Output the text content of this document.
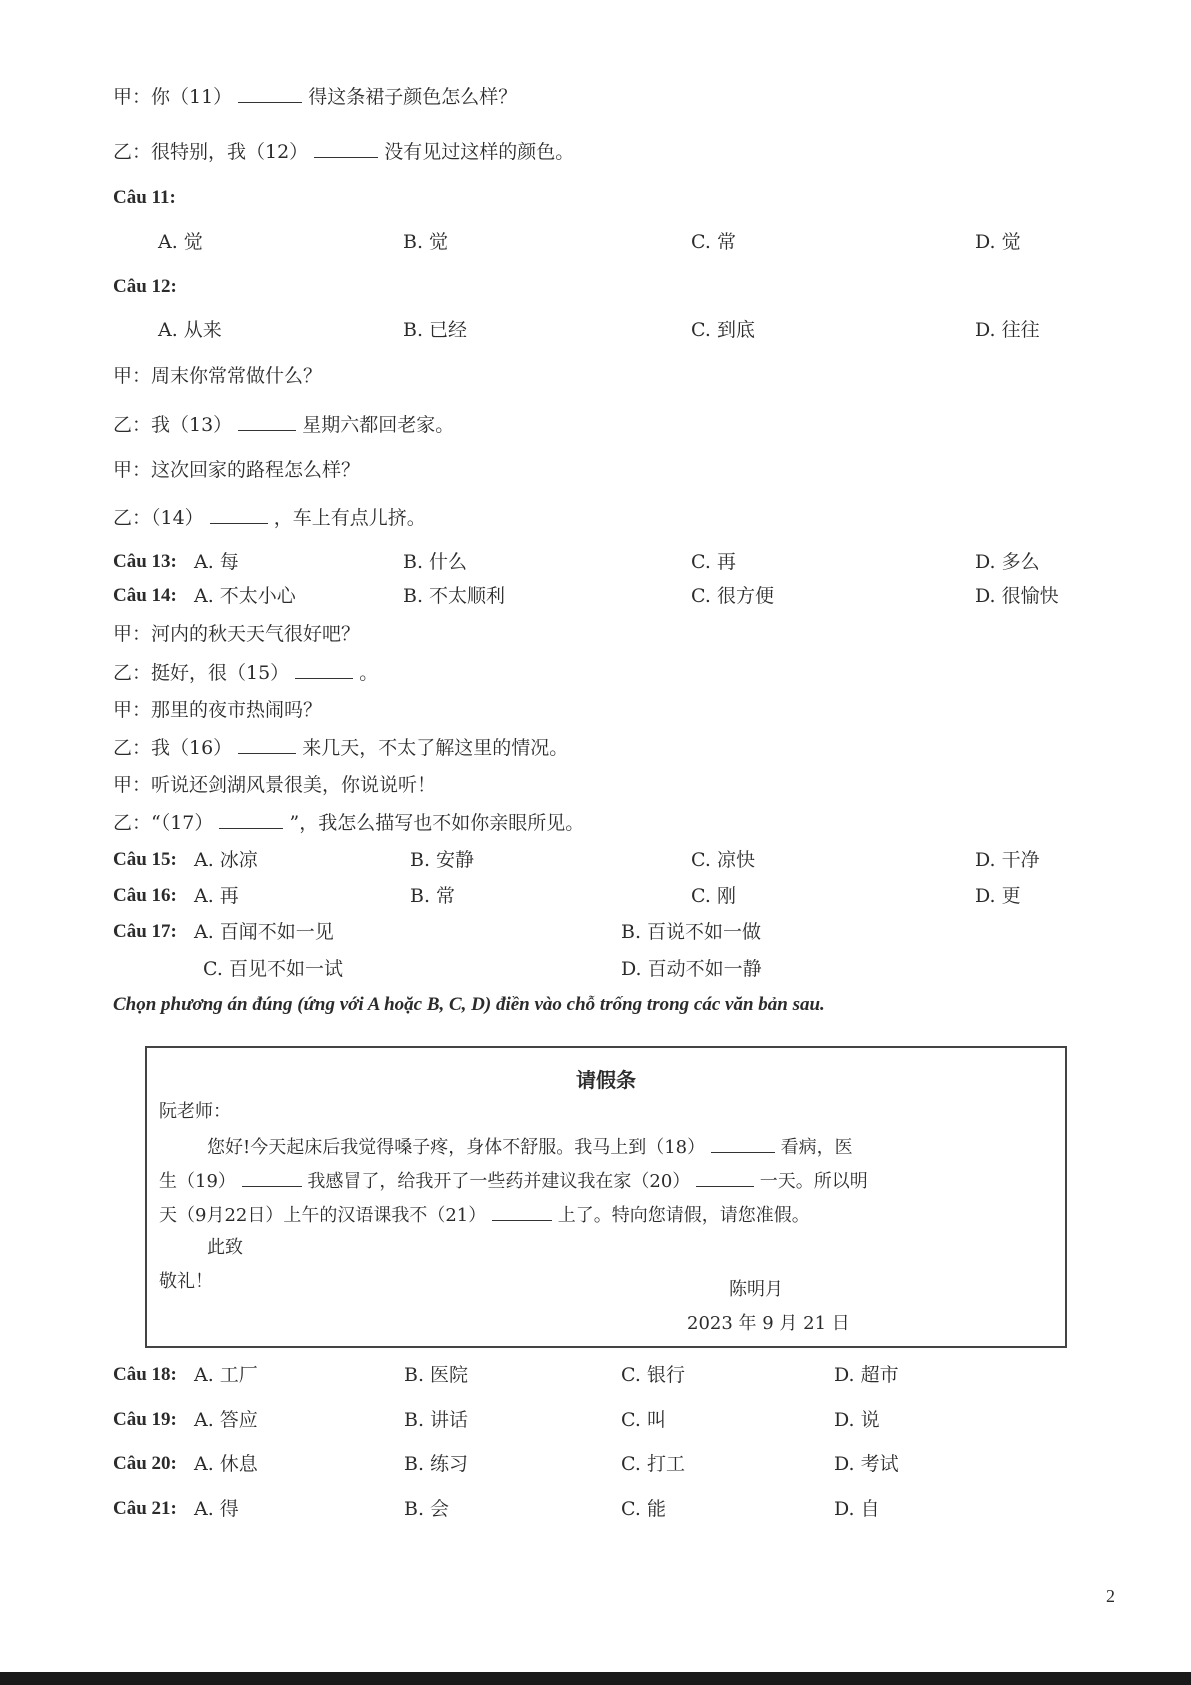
甲：你（11）	得这条裙子颜色怎么样？
乙：很特别，我（12）	没有见过这样的颜色。
Câu 11:
A. 觉	B. 觉	C. 常	D. 觉
Câu 12:
A. 从来	B. 已经	C. 到底	D. 往往
甲：周末你常常做什么？
乙：我（13）	星期六都回老家。
甲：这次回家的路程怎么样？
乙：（14）	，车上有点儿挤。
Câu 13: A. 每	B. 什么	C. 再	D. 多么
Câu 14: A. 不太小心	B. 不太顺利	C. 很方便	D. 很愉快
甲：河内的秋天天气很好吧？
乙：挺好，很（15）	。
甲：那里的夜市热闹吗？
乙：我（16）	来几天，不太了解这里的情况。
甲：听说还剑湖风景很美，你说说听！
乙：“（17）	”，我怎么描写也不如你亲眼所见。
Câu 15: A. 冰凉	B. 安静	C. 凉快	D. 干净
Câu 16: A. 再	B. 常	C. 刚	D. 更
Câu 17: A. 百闻不如一见	B. 百说不如一做
C. 百见不如一试	D. 百动不如一静
Chọn phương án đúng (ứng với A hoặc B, C, D) điền vào chỗ trống trong các văn bản sau.
请假条
阮老师：
您好!今天起床后我觉得嗓子疼，身体不舒服。我马上到（18）	看病，医
生（19）	我感冒了，给我开了一些药并建议我在家（20）	一天。所以明
天（9月22日）上午的汉语课我不（21）	上了。特向您请假，请您准假。
此致
敬礼！	陈明月
2023 年 9 月 21 日
Câu 18: A. 工厂	B. 医院	C. 银行	D. 超市
Câu 19: A. 答应	B. 讲话	C. 叫	D. 说
Câu 20: A. 休息	B. 练习	C. 打工	D. 考试
Câu 21: A. 得	B. 会	C. 能	D. 自
2
